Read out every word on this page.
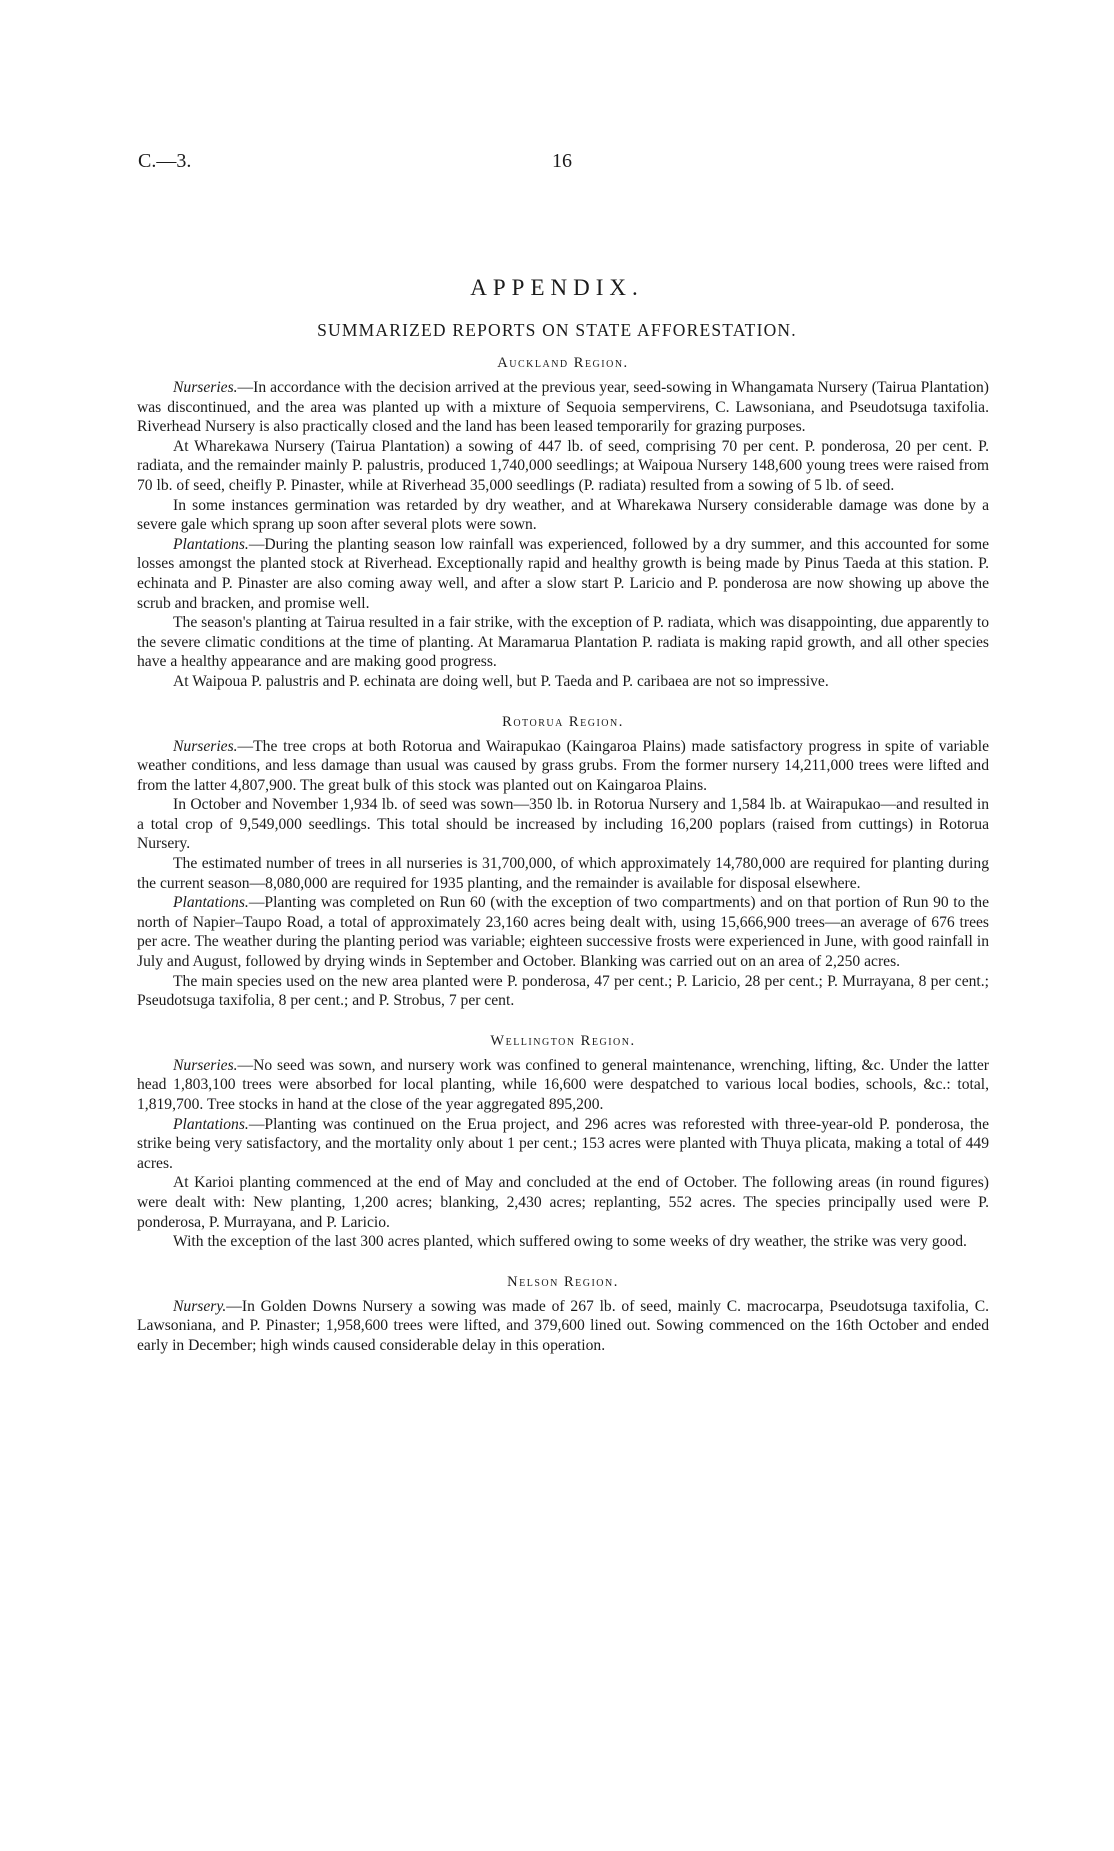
C.—3.	16
APPENDIX.
SUMMARIZED REPORTS ON STATE AFFORESTATION.
Auckland Region.

Nurseries.—In accordance with the decision arrived at the previous year, seed-sowing in Whangamata Nursery (Tairua Plantation) was discontinued, and the area was planted up with a mixture of Sequoia sempervirens, C. Lawsoniana, and Pseudotsuga taxifolia. Riverhead Nursery is also practically closed and the land has been leased temporarily for grazing purposes.

At Wharekawa Nursery (Tairua Plantation) a sowing of 447 lb. of seed, comprising 70 per cent. P. ponderosa, 20 per cent. P. radiata, and the remainder mainly P. palustris, produced 1,740,000 seedlings; at Waipoua Nursery 148,600 young trees were raised from 70 lb. of seed, cheifly P. Pinaster, while at Riverhead 35,000 seedlings (P. radiata) resulted from a sowing of 5 lb. of seed.

In some instances germination was retarded by dry weather, and at Wharekawa Nursery considerable damage was done by a severe gale which sprang up soon after several plots were sown.

Plantations.—During the planting season low rainfall was experienced, followed by a dry summer, and this accounted for some losses amongst the planted stock at Riverhead. Exceptionally rapid and healthy growth is being made by Pinus Taeda at this station. P. echinata and P. Pinaster are also coming away well, and after a slow start P. Laricio and P. ponderosa are now showing up above the scrub and bracken, and promise well.

The season's planting at Tairua resulted in a fair strike, with the exception of P. radiata, which was disappointing, due apparently to the severe climatic conditions at the time of planting. At Maramarua Plantation P. radiata is making rapid growth, and all other species have a healthy appearance and are making good progress.

At Waipoua P. palustris and P. echinata are doing well, but P. Taeda and P. caribaea are not so impressive.

Rotorua Region.

Nurseries.—The tree crops at both Rotorua and Wairapukao (Kaingaroa Plains) made satisfactory progress in spite of variable weather conditions, and less damage than usual was caused by grass grubs. From the former nursery 14,211,000 trees were lifted and from the latter 4,807,900. The great bulk of this stock was planted out on Kaingaroa Plains.

In October and November 1,934 lb. of seed was sown—350 lb. in Rotorua Nursery and 1,584 lb. at Wairapukao—and resulted in a total crop of 9,549,000 seedlings. This total should be increased by including 16,200 poplars (raised from cuttings) in Rotorua Nursery.

The estimated number of trees in all nurseries is 31,700,000, of which approximately 14,780,000 are required for planting during the current season—8,080,000 are required for 1935 planting, and the remainder is available for disposal elsewhere.

Plantations.—Planting was completed on Run 60 (with the exception of two compartments) and on that portion of Run 90 to the north of Napier–Taupo Road, a total of approximately 23,160 acres being dealt with, using 15,666,900 trees—an average of 676 trees per acre. The weather during the planting period was variable; eighteen successive frosts were experienced in June, with good rainfall in July and August, followed by drying winds in September and October. Blanking was carried out on an area of 2,250 acres.

The main species used on the new area planted were P. ponderosa, 47 per cent.; P. Laricio, 28 per cent.; P. Murrayana, 8 per cent.; Pseudotsuga taxifolia, 8 per cent.; and P. Strobus, 7 per cent.

Wellington Region.

Nurseries.—No seed was sown, and nursery work was confined to general maintenance, wrenching, lifting, &c. Under the latter head 1,803,100 trees were absorbed for local planting, while 16,600 were despatched to various local bodies, schools, &c.: total, 1,819,700. Tree stocks in hand at the close of the year aggregated 895,200.

Plantations.—Planting was continued on the Erua project, and 296 acres was reforested with three-year-old P. ponderosa, the strike being very satisfactory, and the mortality only about 1 per cent.; 153 acres were planted with Thuya plicata, making a total of 449 acres.

At Karioi planting commenced at the end of May and concluded at the end of October. The following areas (in round figures) were dealt with: New planting, 1,200 acres; blanking, 2,430 acres; replanting, 552 acres. The species principally used were P. ponderosa, P. Murrayana, and P. Laricio.

With the exception of the last 300 acres planted, which suffered owing to some weeks of dry weather, the strike was very good.

Nelson Region.

Nursery.—In Golden Downs Nursery a sowing was made of 267 lb. of seed, mainly C. macrocarpa, Pseudotsuga taxifolia, C. Lawsoniana, and P. Pinaster; 1,958,600 trees were lifted, and 379,600 lined out. Sowing commenced on the 16th October and ended early in December; high winds caused considerable delay in this operation.
